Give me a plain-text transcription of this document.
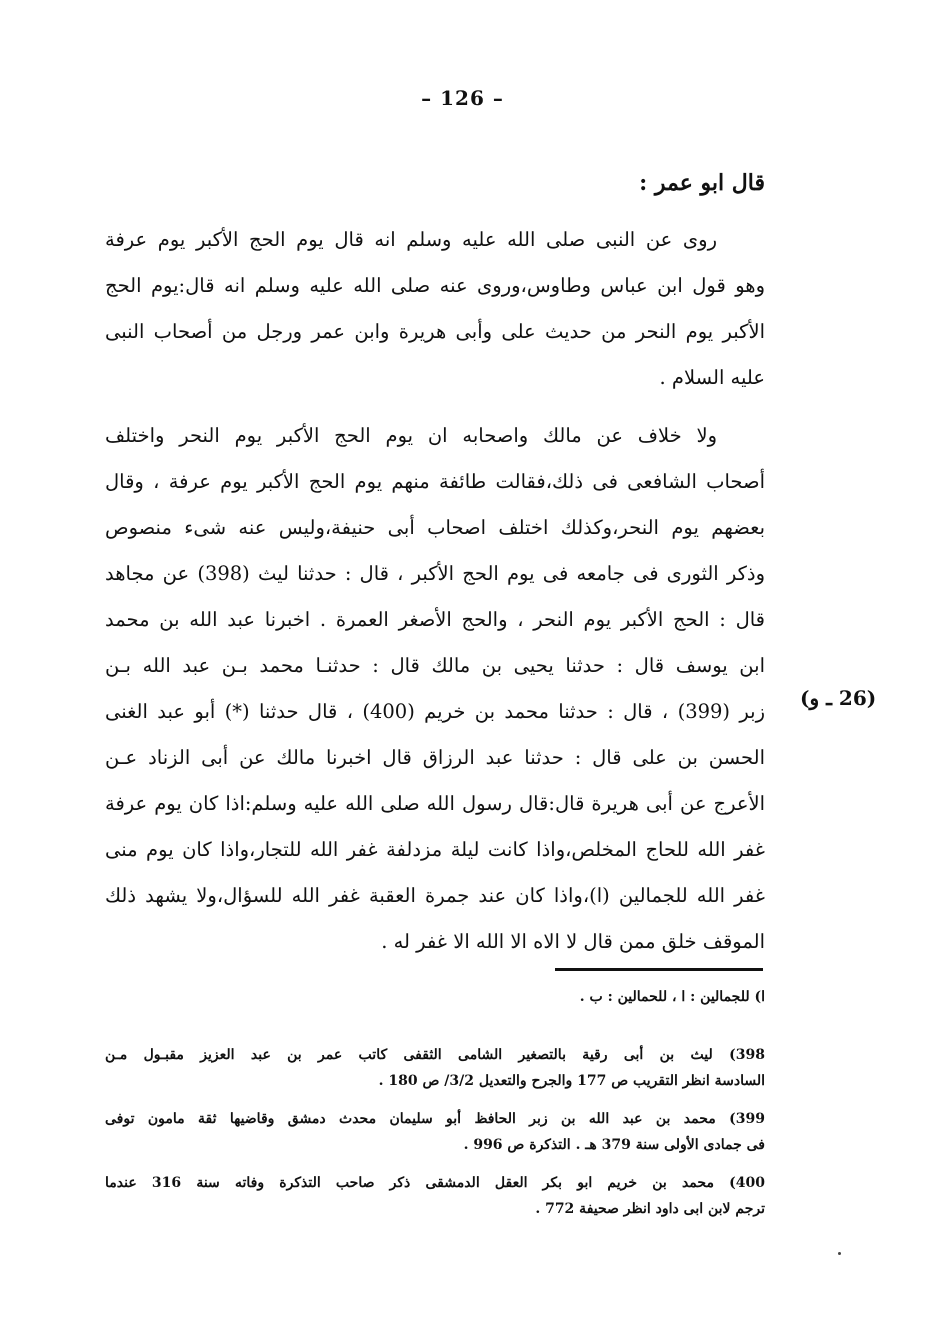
– 126 –
قال ابو عمر :
روى عن النبى صلى الله عليه وسلم انه قال يوم الحج الأكبر يوم عرفة
وهو قول ابن عباس وطاوس،وروى عنه صلى الله عليه وسلم انه قال:يوم الحج
الأكبر يوم النحر من حديث على وأبى هريرة وابن عمر ورجل من أصحاب النبى
عليه السلام .
ولا خلاف عن مالك واصحابه ان يوم الحج الأكبر يوم النحر واختلف
أصحاب الشافعى فى ذلك،فقالت طائفة منهم يوم الحج الأكبر يوم عرفة ، وقال
بعضهم يوم النحر،وكذلك اختلف اصحاب أبى حنيفة،وليس عنه شىء منصوص
وذكر الثورى فى جامعه فى يوم الحج الأكبر ، قال : حدثنا ليث (398) عن مجاهد
قال : الحج الأكبر يوم النحر ، والحج الأصغر العمرة . اخبرنا عبد الله بن محمد
ابن يوسف قال : حدثنا يحيى بن مالك قال : حدثنـا محمد بـن عبد الله بـن
زبر (399) ، قال : حدثنا محمد بن خريم (400) ، قال حدثنا (*) أبو عبد الغنى
الحسن بن على قال : حدثنا عبد الرزاق قال اخبرنا مالك عن أبى الزناد عـن
الأعرج عن أبى هريرة قال:قال رسول الله صلى الله عليه وسلم:اذا كان يوم عرفة
غفر الله للحاج المخلص،واذا كانت ليلة مزدلفة غفر الله للتجار،واذا كان يوم منى
غفر الله للجمالين (ا)،واذا كان عند جمرة العقبة غفر الله للسؤال،ولا يشهد ذلك
الموقف خلق ممن قال لا الاه الا الله الا غفر له .
(26 ـ و)
ا) للجمالين : ا ، للحمالين : ب .
398) ليث بن أبى رقية بالتصغير الشامى الثقفى كاتب عمر بن عبد العزيز مقبـول مـن
السادسة انظر التقريب ص 177 والجرح والتعديل 3/2/ ص 180 .
399) محمد بن عبد الله بن زبر الحافظ أبو سليمان محدث دمشق وقاضيها ثقة مامون توفى
فى جمادى الأولى سنة 379 هـ . التذكرة ص 996 .
400) محمد بن خريم ابو بكر العقل الدمشقى ذكر صاحب التذكرة وفاته سنة 316 عندما
ترجم لابن ابى داود انظر صحيفة 772 .
